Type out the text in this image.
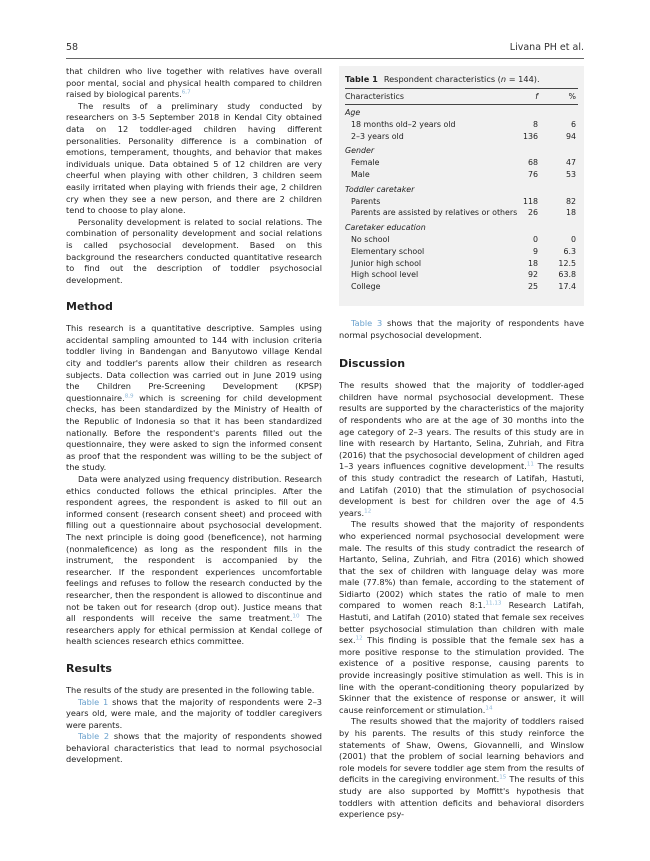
58	Livana PH et al.

that children who live together with relatives have overall poor mental, social and physical health compared to children raised by biological parents.$^{6,7}$

The results of a preliminary study conducted by researchers on 3-5 September 2018 in Kendal City obtained data on 12 toddler-aged children having different personalities. Personality difference is a combination of emotions, temperament, thoughts, and behavior that makes individuals unique. Data obtained 5 of 12 children are very cheerful when playing with other children, 3 children seem easily irritated when playing with friends their age, 2 children cry when they see a new person, and there are 2 children tend to choose to play alone.

Personality development is related to social relations. The combination of personality development and social relations is called psychosocial development. Based on this background the researchers conducted quantitative research to find out the description of toddler psychosocial development.

Method

This research is a quantitative descriptive. Samples using accidental sampling amounted to 144 with inclusion criteria toddler living in Bandengan and Banyutowo village Kendal city and toddler's parents allow their children as research subjects. Data collection was carried out in June 2019 using the Children Pre-Screening Development (KPSP) questionnaire.$^{8,9}$ which is screening for child development checks, has been standardized by the Ministry of Health of the Republic of Indonesia so that it has been standardized nationally. Before the respondent's parents filled out the questionnaire, they were asked to sign the informed consent as proof that the respondent was willing to be the subject of the study.

Data were analyzed using frequency distribution. Research ethics conducted follows the ethical principles. After the respondent agrees, the respondent is asked to fill out an informed consent (research consent sheet) and proceed with filling out a questionnaire about psychosocial development. The next principle is doing good (beneficence), not harming (nonmaleficence) as long as the respondent fills in the instrument, the respondent is accompanied by the researcher. If the respondent experiences uncomfortable feelings and refuses to follow the research conducted by the researcher, then the respondent is allowed to discontinue and not be taken out for research (drop out). Justice means that all respondents will receive the same treatment.$^{10}$ The researchers apply for ethical permission at Kendal college of health sciences research ethics committee.

Results

The results of the study are presented in the following table.

Table 1 shows that the majority of respondents were 2–3 years old, were male, and the majority of toddler caregivers were parents.

Table 2 shows that the majority of respondents showed behavioral characteristics that lead to normal psychosocial development.

Table 1 Respondent characteristics (n = 144).
Characteristics	f	%
Age
18 months old–2 years old	8	6
2–3 years old	136	94
Gender
Female	68	47
Male	76	53
Toddler caretaker
Parents	118	82
Parents are assisted by relatives or others	26	18
Caretaker education
No school	0	0
Elementary school	9	6.3
Junior high school	18	12.5
High school level	92	63.8
College	25	17.4

Table 3 shows that the majority of respondents have normal psychosocial development.

Discussion

The results showed that the majority of toddler-aged children have normal psychosocial development. These results are supported by the characteristics of the majority of respondents who are at the age of 30 months into the age category of 2–3 years. The results of this study are in line with research by Hartanto, Selina, Zuhriah, and Fitra (2016) that the psychosocial development of children aged 1–3 years influences cognitive development.$^{11}$ The results of this study contradict the research of Latifah, Hastuti, and Latifah (2010) that the stimulation of psychosocial development is best for children over the age of 4.5 years.$^{12}$

The results showed that the majority of respondents who experienced normal psychosocial development were male. The results of this study contradict the research of Hartanto, Selina, Zuhriah, and Fitra (2016) which showed that the sex of children with language delay was more male (77.8%) than female, according to the statement of Sidiarto (2002) which states the ratio of male to men compared to women reach 8:1.$^{11,13}$ Research Latifah, Hastuti, and Latifah (2010) stated that female sex receives better psychosocial stimulation than children with male sex.$^{12}$ This finding is possible that the female sex has a more positive response to the stimulation provided. The existence of a positive response, causing parents to provide increasingly positive stimulation as well. This is in line with the operant-conditioning theory popularized by Skinner that the existence of response or answer, it will cause reinforcement or stimulation.$^{14}$

The results showed that the majority of toddlers raised by his parents. The results of this study reinforce the statements of Shaw, Owens, Giovannelli, and Winslow (2001) that the problem of social learning behaviors and role models for severe toddler age stem from the results of deficits in the caregiving environment.$^{15}$ The results of this study are also supported by Moffitt's hypothesis that toddlers with attention deficits and behavioral disorders experience psy-
